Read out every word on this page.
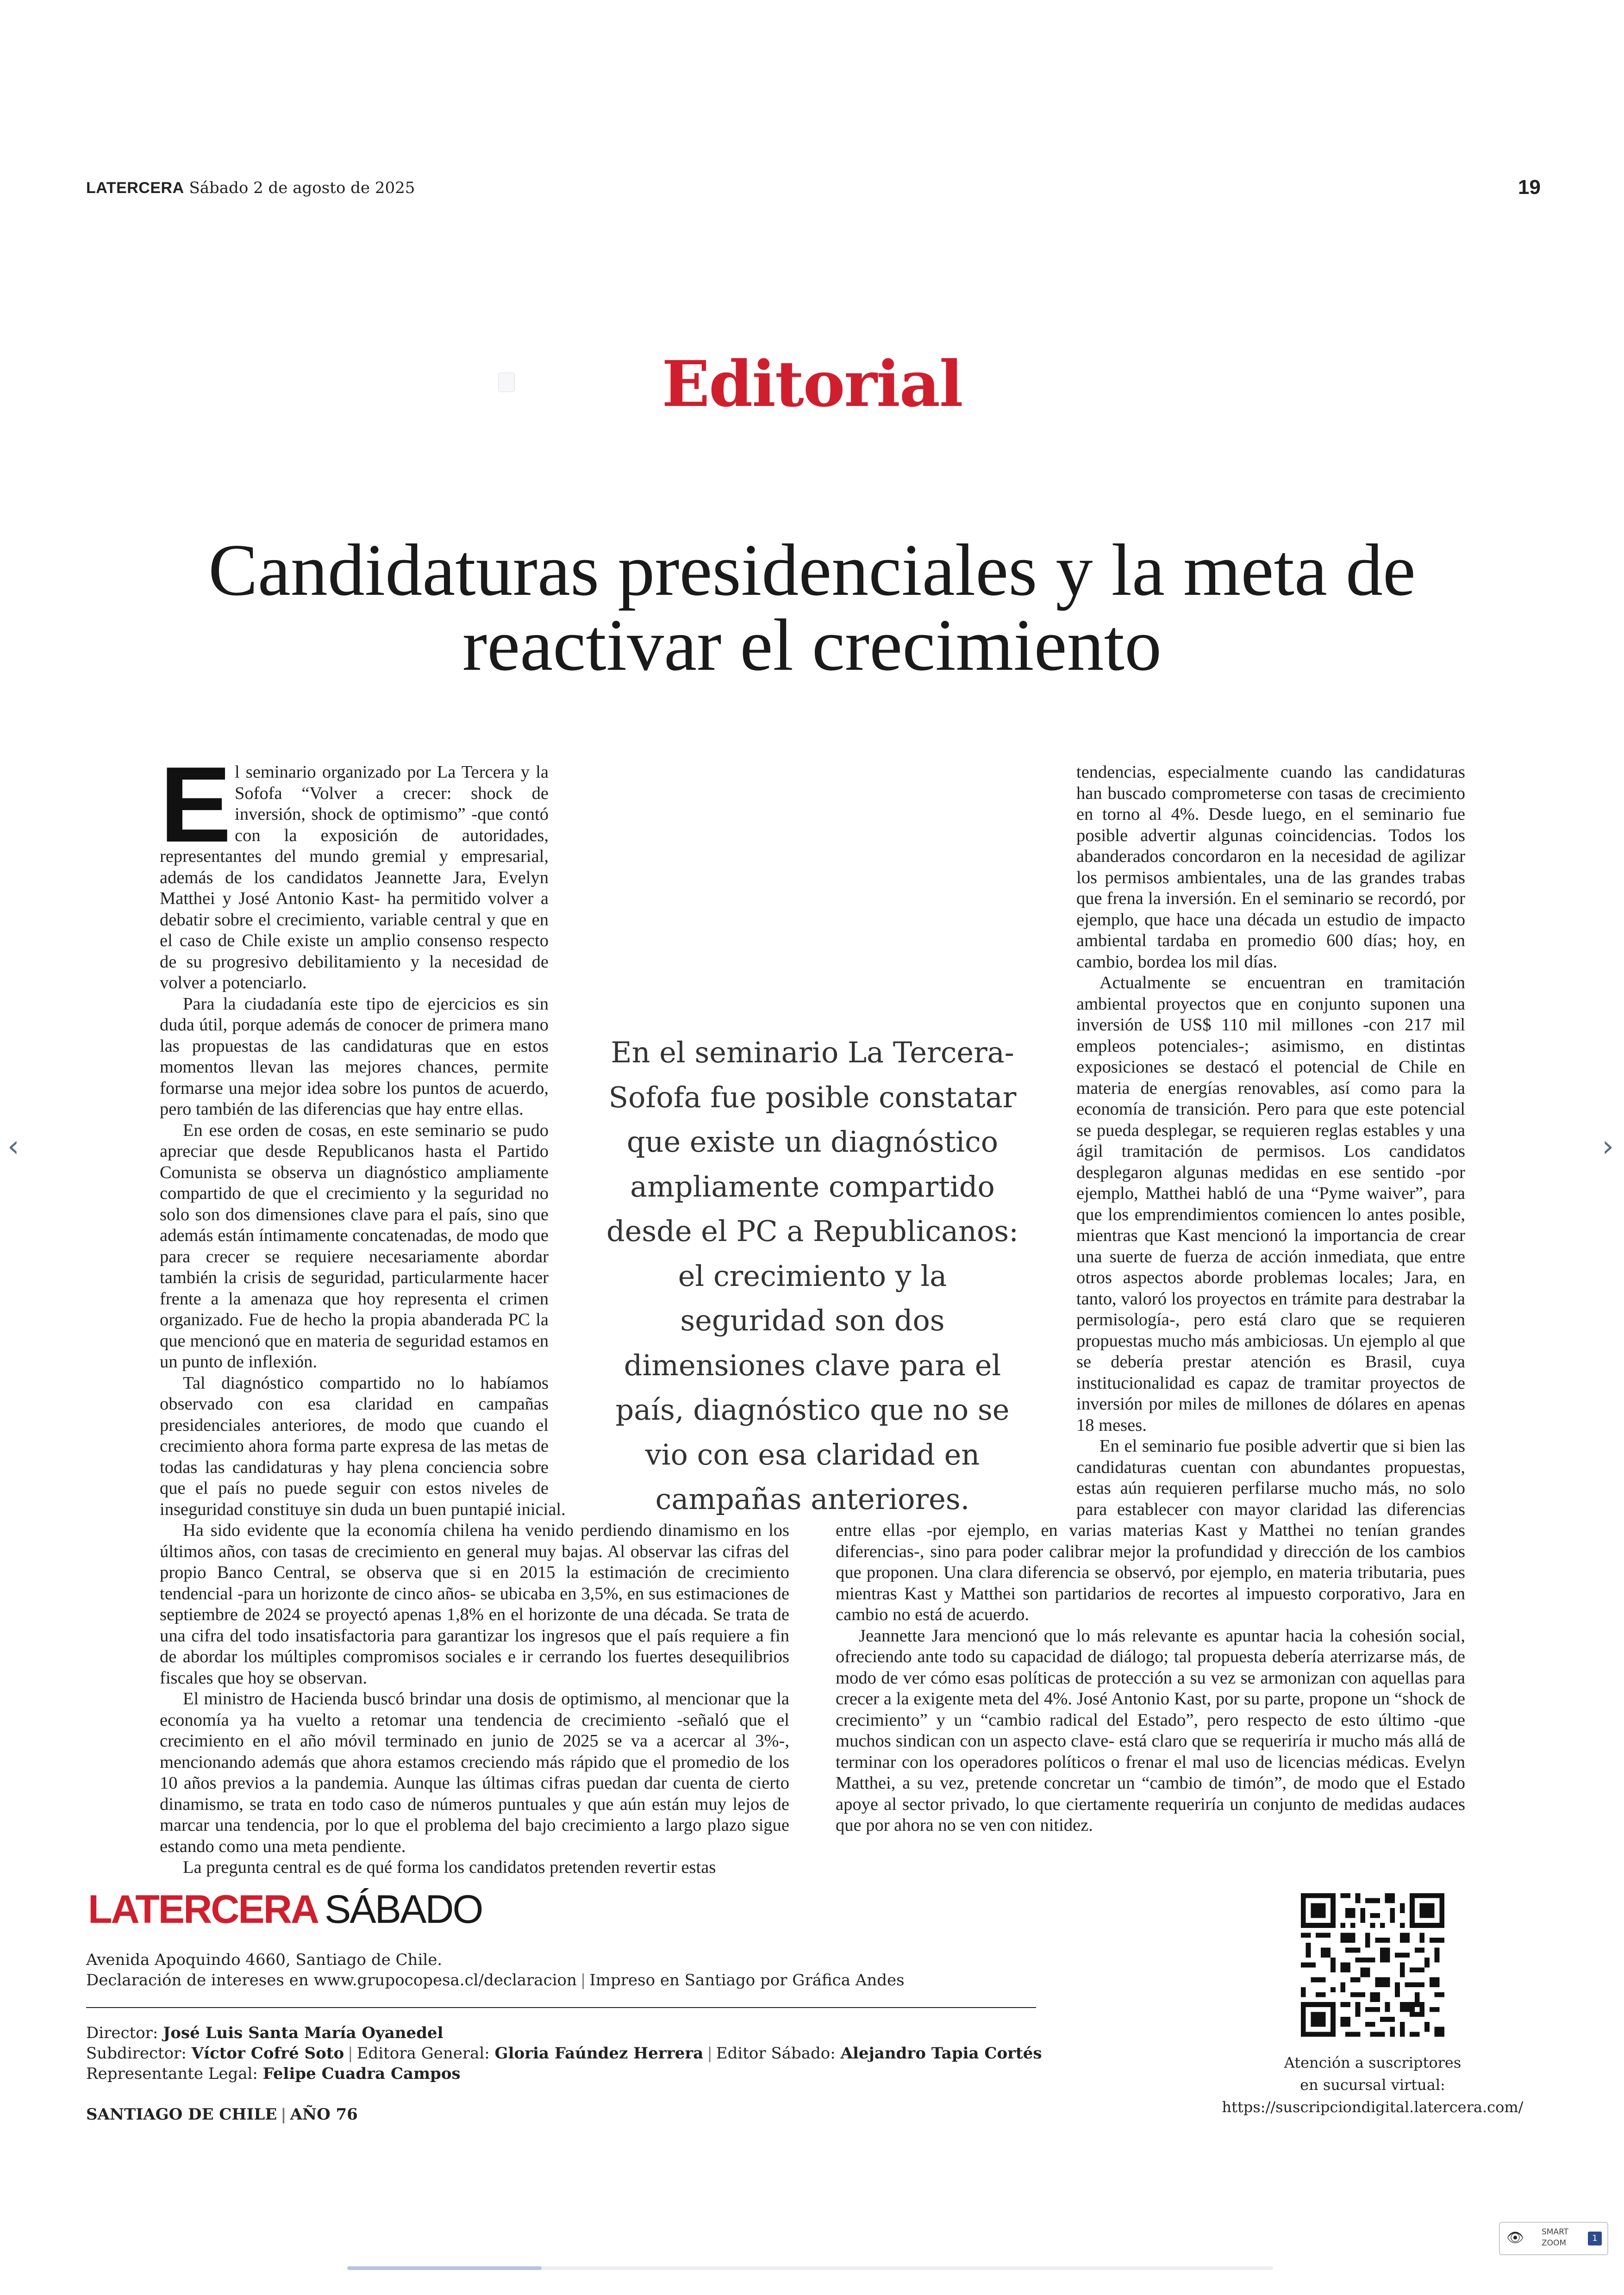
LATERCERA Sábado 2 de agosto de 2025	19
Editorial
Candidaturas presidenciales y la meta de reactivar el crecimiento
E l seminario organizado por La Tercera y la Sofofa “Volver a crecer: shock de inversión, shock de optimismo” -que contó con la exposición de autoridades, representantes del mundo gremial y empresarial, además de los candidatos Jeannette Jara, Evelyn Matthei y José Antonio Kast- ha permitido volver a debatir sobre el crecimiento, variable central y que en el caso de Chile existe un amplio consenso respecto de su progresivo debilitamiento y la necesidad de volver a potenciarlo.

Para la ciudadanía este tipo de ejercicios es sin duda útil, porque además de conocer de primera mano las propuestas de las candidaturas que en estos momentos llevan las mejores chances, permite formarse una mejor idea sobre los puntos de acuerdo, pero también de las diferencias que hay entre ellas.

En ese orden de cosas, en este seminario se pudo apreciar que desde Republicanos hasta el Partido Comunista se observa un diagnóstico ampliamente compartido de que el crecimiento y la seguridad no solo son dos dimensiones clave para el país, sino que además están íntimamente concatenadas, de modo que para crecer se requiere necesariamente abordar también la crisis de seguridad, particularmente hacer frente a la amenaza que hoy representa el crimen organizado. Fue de hecho la propia abanderada PC la que mencionó que en materia de seguridad estamos en un punto de inflexión.

Tal diagnóstico compartido no lo habíamos observado con esa claridad en campañas presidenciales anteriores, de modo que cuando el crecimiento ahora forma parte expresa de las metas de todas las candidaturas y hay plena conciencia sobre que el país no puede seguir con estos niveles de inseguridad constituye sin duda un buen puntapié inicial.

Ha sido evidente que la economía chilena ha venido perdiendo dinamismo en los últimos años, con tasas de crecimiento en general muy bajas. Al observar las cifras del propio Banco Central, se observa que si en 2015 la estimación de crecimiento tendencial -para un horizonte de cinco años- se ubicaba en 3,5%, en sus estimaciones de septiembre de 2024 se proyectó apenas 1,8% en el horizonte de una década. Se trata de una cifra del todo insatisfactoria para garantizar los ingresos que el país requiere a fin de abordar los múltiples compromisos sociales e ir cerrando los fuertes desequilibrios fiscales que hoy se observan.

El ministro de Hacienda buscó brindar una dosis de optimismo, al mencionar que la economía ya ha vuelto a retomar una tendencia de crecimiento -señaló que el crecimiento en el año móvil terminado en junio de 2025 se va a acercar al 3%-, mencionando además que ahora estamos creciendo más rápido que el promedio de los 10 años previos a la pandemia. Aunque las últimas cifras puedan dar cuenta de cierto dinamismo, se trata en todo caso de números puntuales y que aún están muy lejos de marcar una tendencia, por lo que el problema del bajo crecimiento a largo plazo sigue estando como una meta pendiente.

La pregunta central es de qué forma los candidatos pretenden revertir estas

tendencias, especialmente cuando las candidaturas han buscado comprometerse con tasas de crecimiento en torno al 4%. Desde luego, en el seminario fue posible advertir algunas coincidencias. Todos los abanderados concordaron en la necesidad de agilizar los permisos ambientales, una de las grandes trabas que frena la inversión. En el seminario se recordó, por ejemplo, que hace una década un estudio de impacto ambiental tardaba en promedio 600 días; hoy, en cambio, bordea los mil días.

Actualmente se encuentran en tramitación ambiental proyectos que en conjunto suponen una inversión de US$ 110 mil millones -con 217 mil empleos potenciales-; asimismo, en distintas exposiciones se destacó el potencial de Chile en materia de energías renovables, así como para la economía de transición. Pero para que este potencial se pueda desplegar, se requieren reglas estables y una ágil tramitación de permisos. Los candidatos desplegaron algunas medidas en ese sentido -por ejemplo, Matthei habló de una “Pyme waiver”, para que los emprendimientos comiencen lo antes posible, mientras que Kast mencionó la importancia de crear una suerte de fuerza de acción inmediata, que entre otros aspectos aborde problemas locales; Jara, en tanto, valoró los proyectos en trámite para destrabar la permisología-, pero está claro que se requieren propuestas mucho más ambiciosas. Un ejemplo al que se debería prestar atención es Brasil, cuya institucionalidad es capaz de tramitar proyectos de inversión por miles de millones de dólares en apenas 18 meses.

En el seminario fue posible advertir que si bien las candidaturas cuentan con abundantes propuestas, estas aún requieren perfilarse mucho más, no solo para establecer con mayor claridad las diferencias entre ellas -por ejemplo, en varias materias Kast y Matthei no tenían grandes diferencias-, sino para poder calibrar mejor la profundidad y dirección de los cambios que proponen. Una clara diferencia se observó, por ejemplo, en materia tributaria, pues mientras Kast y Matthei son partidarios de recortes al impuesto corporativo, Jara en cambio no está de acuerdo.

Jeannette Jara mencionó que lo más relevante es apuntar hacia la cohesión social, ofreciendo ante todo su capacidad de diálogo; tal propuesta debería aterrizarse más, de modo de ver cómo esas políticas de protección a su vez se armonizan con aquellas para crecer a la exigente meta del 4%. José Antonio Kast, por su parte, propone un “shock de crecimiento” y un “cambio radical del Estado”, pero respecto de esto último -que muchos sindican con un aspecto clave- está claro que se requeriría ir mucho más allá de terminar con los operadores políticos o frenar el mal uso de licencias médicas. Evelyn Matthei, a su vez, pretende concretar un “cambio de timón”, de modo que el Estado apoye al sector privado, lo que ciertamente requeriría un conjunto de medidas audaces que por ahora no se ven con nitidez.

En el seminario La Tercera-Sofofa fue posible constatar que existe un diagnóstico ampliamente compartido desde el PC a Republicanos: el crecimiento y la seguridad son dos dimensiones clave para el país, diagnóstico que no se vio con esa claridad en campañas anteriores.
‹	›
LATERCERA SÁBADO
Avenida Apoquindo 4660, Santiago de Chile.
Declaración de intereses en www.grupocopesa.cl/declaracion | Impreso en Santiago por Gráfica Andes
Director: José Luis Santa María Oyanedel
Subdirector: Víctor Cofré Soto | Editora General: Gloria Faúndez Herrera | Editor Sábado: Alejandro Tapia Cortés
Representante Legal: Felipe Cuadra Campos
SANTIAGO DE CHILE | AÑO 76
Atención a suscriptores
en sucursal virtual:
https://suscripciondigital.latercera.com/
👁 SMART
ZOOM	1
